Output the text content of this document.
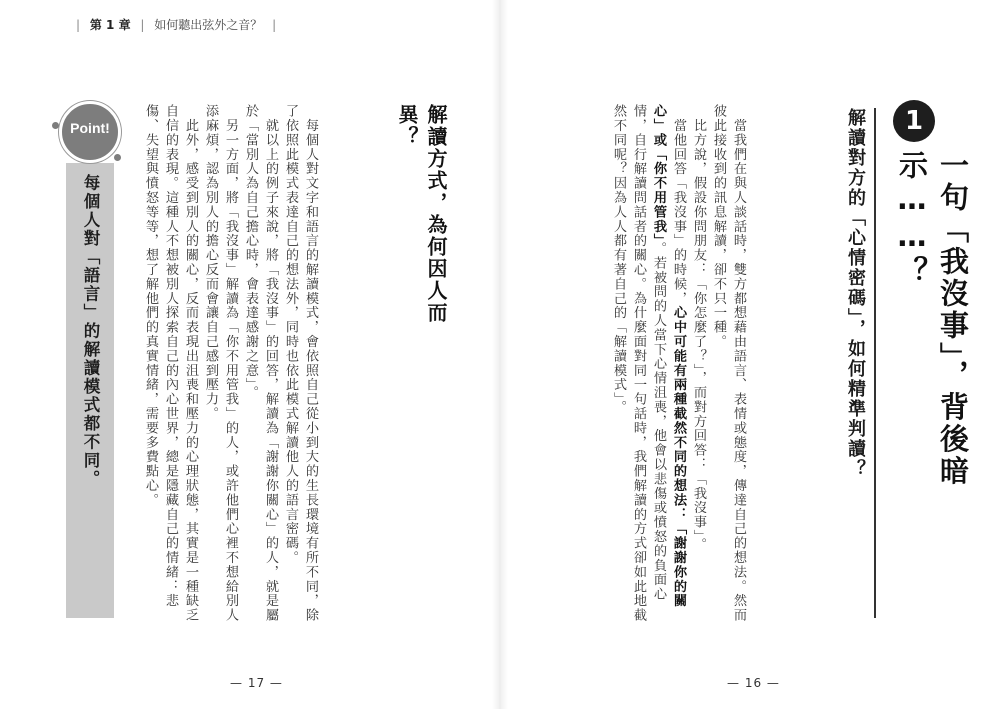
| 第 1 章 | 如何聽出弦外之音？ |
1
一句「我沒事」，背後暗示……？
解讀對方的「心情密碼」，如何精準判讀？

　當我們在與人談話時，雙方都想藉由語言、表情或態度，傳達自己的想法。然而彼此接收到的訊息解讀，卻不只一種。

　比方說，假設你問朋友：「你怎麼了？」，而對方回答：「我沒事」。

　當他回答「我沒事」的時候，心中可能有兩種截然不同的想法：「謝謝你的關心」或「你不用管我」。若被問的人當下心情沮喪，他會以悲傷或憤怒的負面心情，自行解讀問話者的關心。為什麼面對同一句話時，我們解讀的方式卻如此地截然不同呢？因為人人都有著自己的「解讀模式」。

— 16 —
解讀方式，為何因人而異？

　每個人對文字和語言的解讀模式，會依照自己從小到大的生長環境有所不同，除了依照此模式表達自己的想法外，同時也依此模式解讀他人的語言密碼。

　就以上的例子來說，將「我沒事」的回答，解讀為「謝謝你關心」的人，就是屬於「當別人為自己擔心時，會表達感謝之意」。

　另一方面，將「我沒事」解讀為「你不用管我」的人，或許他們心裡不想給別人添麻煩，認為別人的擔心反而會讓自己感到壓力。

　此外，感受到別人的關心，反而表現出沮喪和壓力的心理狀態，其實是一種缺乏自信的表現。這種人不想被別人探索自己的內心世界，總是隱藏自己的情緒：悲傷、失望與憤怒等等，想了解他們的真實情緒，需要多費點心。

每個人對「語言」的解讀模式都不同。
Point!
— 17 —
